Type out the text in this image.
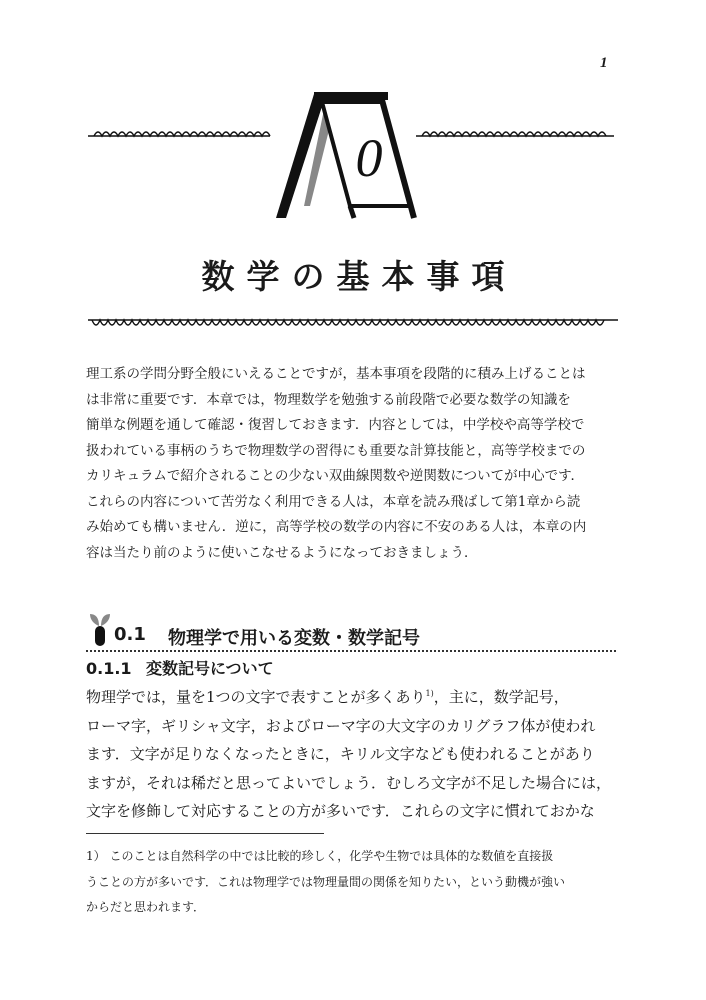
1
0
数学の基本事項
理工系の学問分野全般にいえることですが，基本事項を段階的に積み上げることは
は非常に重要です．本章では，物理数学を勉強する前段階で必要な数学の知識を
簡単な例題を通して確認・復習しておきます．内容としては，中学校や高等学校で
扱われている事柄のうちで物理数学の習得にも重要な計算技能と，高等学校までの
カリキュラムで紹介されることの少ない双曲線関数や逆関数についてが中心です．
これらの内容について苦労なく利用できる人は，本章を読み飛ばして第1章から読
み始めても構いません．逆に，高等学校の数学の内容に不安のある人は，本章の内
容は当たり前のように使いこなせるようになっておきましょう．
0.1 物理学で用いる変数・数学記号
0.1.1 変数記号について
物理学では，量を1つの文字で表すことが多くあり$^{1)}$，主に，数学記号，
ローマ字，ギリシャ文字，およびローマ字の大文字のカリグラフ体が使われ
ます．文字が足りなくなったときに，キリル文字なども使われることがあり
ますが，それは稀だと思ってよいでしょう．むしろ文字が不足した場合には，
文字を修飾して対応することの方が多いです．これらの文字に慣れておかな
1） このことは自然科学の中では比較的珍しく，化学や生物では具体的な数値を直接扱
うことの方が多いです．これは物理学では物理量間の関係を知りたい，という動機が強い
からだと思われます．
